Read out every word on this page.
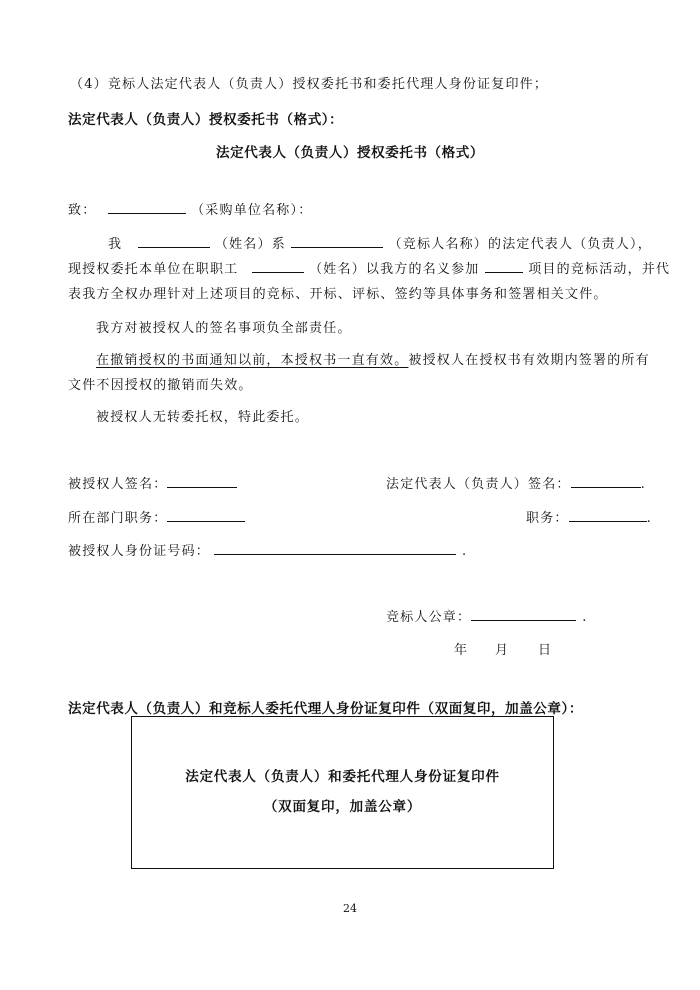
（4）竞标人法定代表人（负责人）授权委托书和委托代理人身份证复印件；
法定代表人（负责人）授权委托书（格式）：
法定代表人（负责人）授权委托书（格式）
致：	（采购单位名称）：
我	（姓名）系	（竞标人名称）的法定代表人（负责人），
现授权委托本单位在职职工	（姓名）以我方的名义参加	项目的竞标活动，并代
表我方全权办理针对上述项目的竞标、开标、评标、签约等具体事务和签署相关文件。
我方对被授权人的签名事项负全部责任。
在撤销授权的书面通知以前，本授权书一直有效。被授权人在授权书有效期内签署的所有
文件不因授权的撤销而失效。
被授权人无转委托权，特此委托。
被授权人签名：	法定代表人（负责人）签名：	.
所在部门职务：	职务：	.
被授权人身份证号码：	.
竞标人公章：	.
年 月 日
法定代表人（负责人）和竞标人委托代理人身份证复印件（双面复印，加盖公章）：
法定代表人（负责人）和委托代理人身份证复印件
（双面复印，加盖公章）
24
